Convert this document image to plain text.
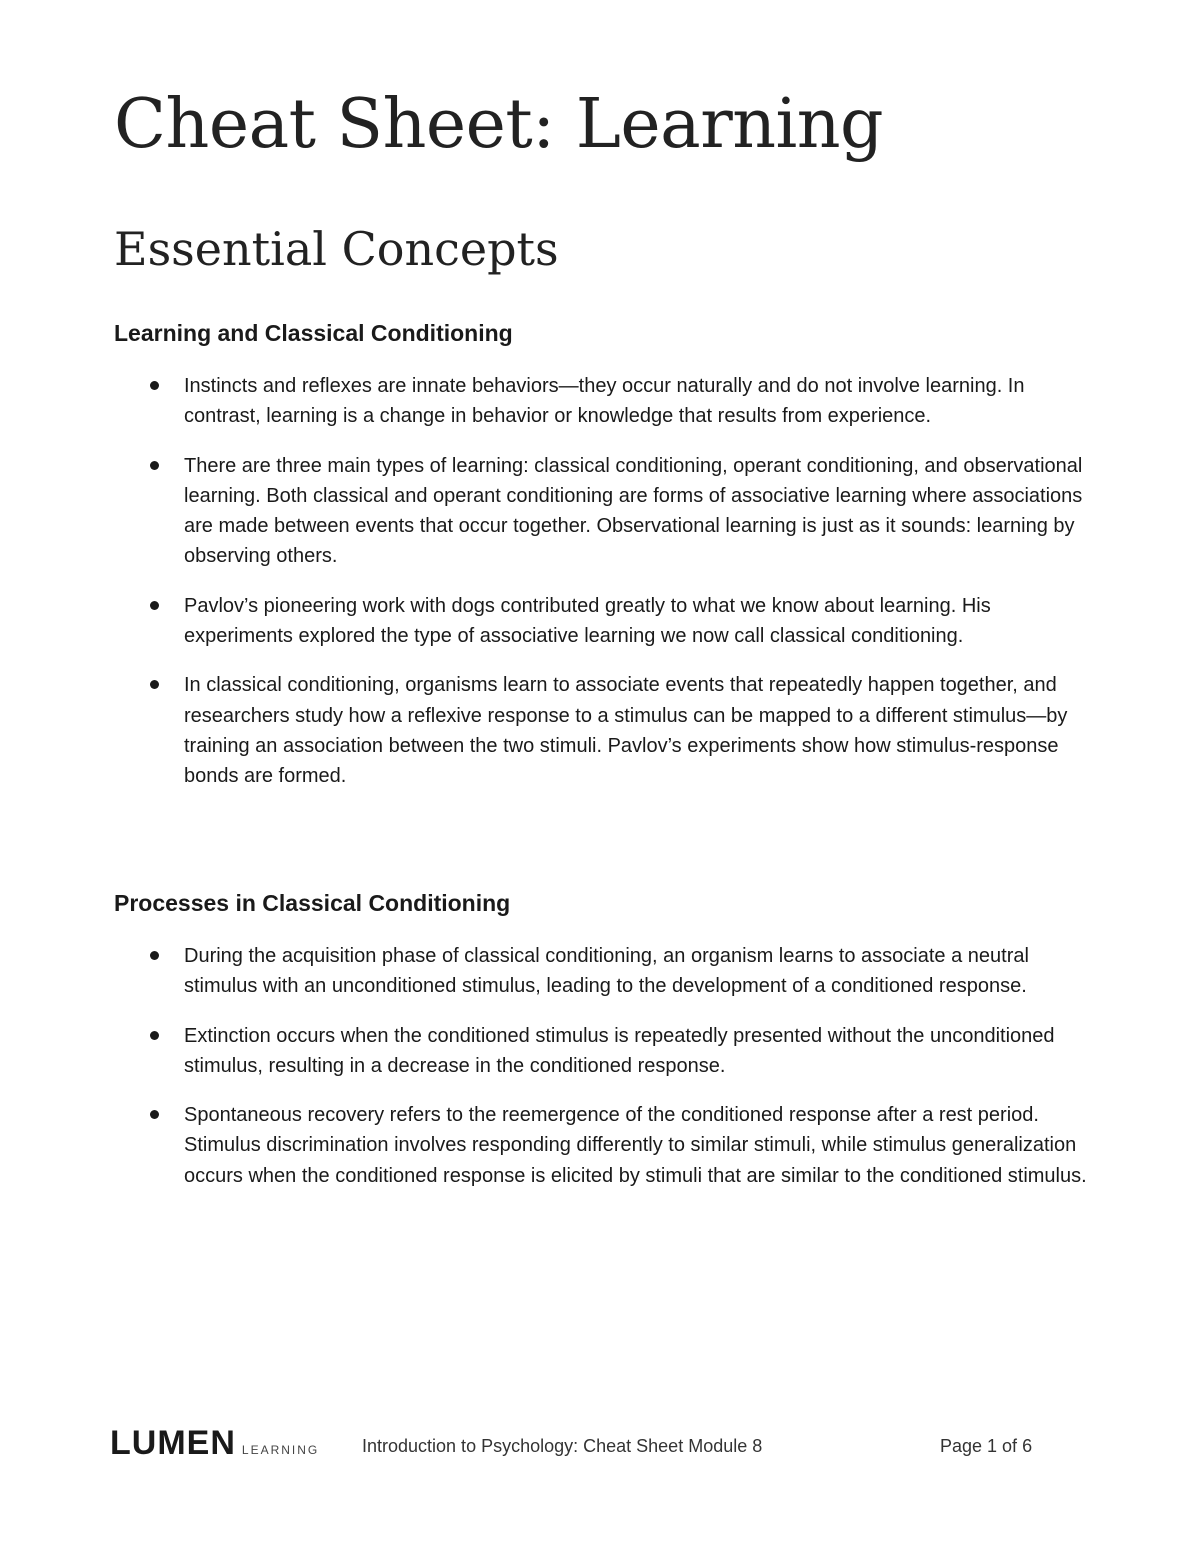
Cheat Sheet: Learning
Essential Concepts
Learning and Classical Conditioning
Instincts and reflexes are innate behaviors—they occur naturally and do not involve learning. In contrast, learning is a change in behavior or knowledge that results from experience.
There are three main types of learning: classical conditioning, operant conditioning, and observational learning. Both classical and operant conditioning are forms of associative learning where associations are made between events that occur together. Observational learning is just as it sounds: learning by observing others.
Pavlov’s pioneering work with dogs contributed greatly to what we know about learning. His experiments explored the type of associative learning we now call classical conditioning.
In classical conditioning, organisms learn to associate events that repeatedly happen together, and researchers study how a reflexive response to a stimulus can be mapped to a different stimulus—by training an association between the two stimuli. Pavlov’s experiments show how stimulus-response bonds are formed.
Processes in Classical Conditioning
During the acquisition phase of classical conditioning, an organism learns to associate a neutral stimulus with an unconditioned stimulus, leading to the development of a conditioned response.
Extinction occurs when the conditioned stimulus is repeatedly presented without the unconditioned stimulus, resulting in a decrease in the conditioned response.
Spontaneous recovery refers to the reemergence of the conditioned response after a rest period. Stimulus discrimination involves responding differently to similar stimuli, while stimulus generalization occurs when the conditioned response is elicited by stimuli that are similar to the conditioned stimulus.
LUMEN LEARNING Introduction to Psychology: Cheat Sheet Module 8	Page 1 of 6
